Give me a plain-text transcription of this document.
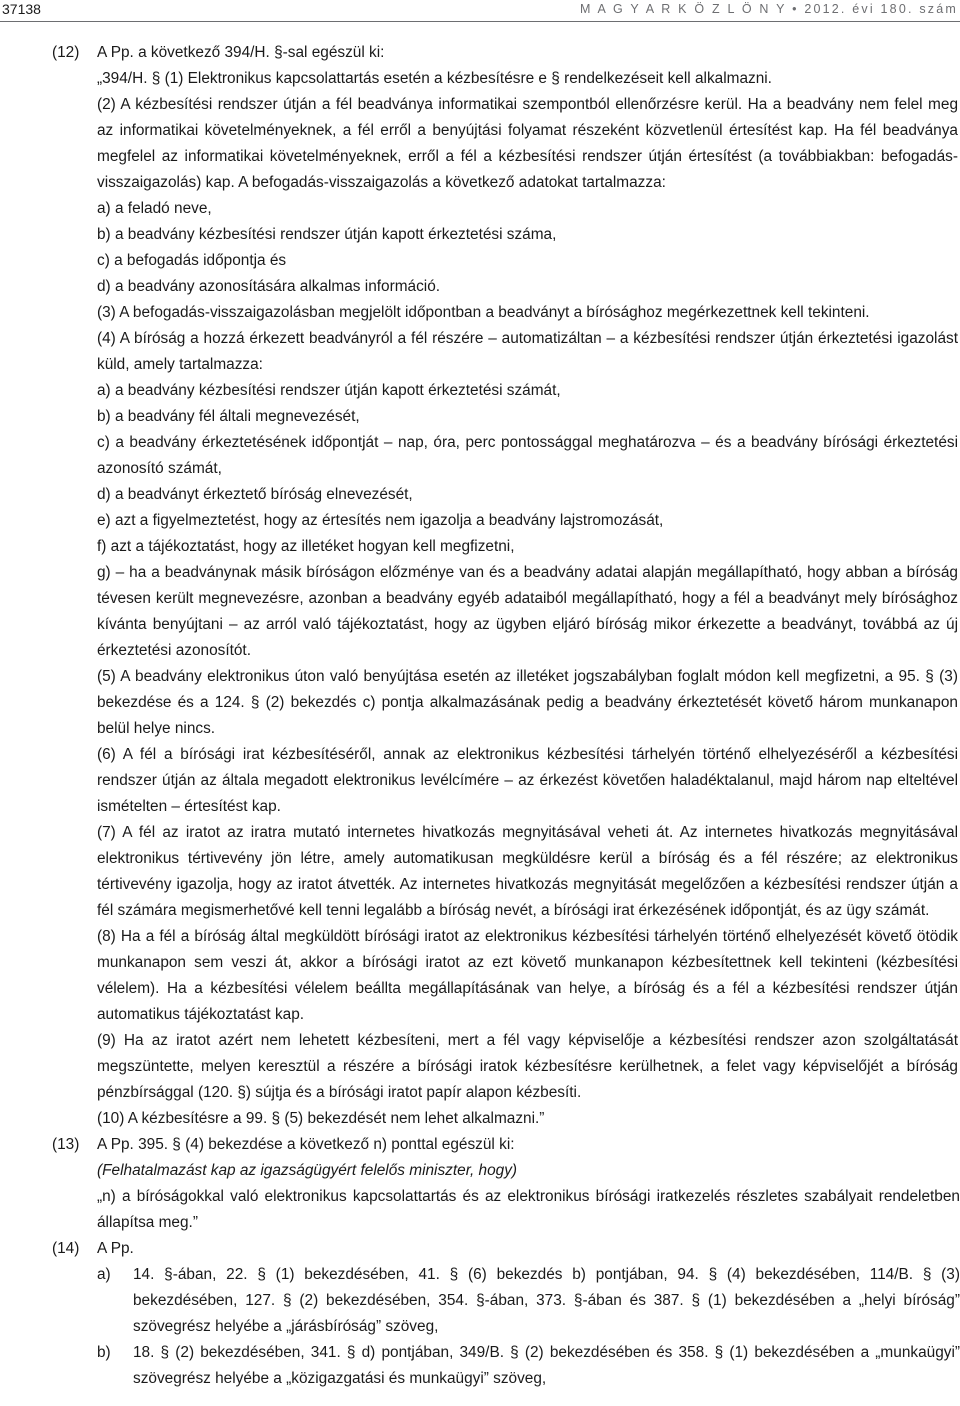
37138	M A G Y A R K Ö Z L Ö N Y • 2012. évi 180. szám
(12) A Pp. a következő 394/H. §-sal egészül ki:

„394/H. § (1) Elektronikus kapcsolattartás esetén a kézbesítésre e § rendelkezéseit kell alkalmazni.

(2) A kézbesítési rendszer útján a fél beadványa informatikai szempontból ellenőrzésre kerül. Ha a beadvány nem felel meg az informatikai követelményeknek, a fél erről a benyújtási folyamat részeként közvetlenül értesítést kap. Ha fél beadványa megfelel az informatikai követelményeknek, erről a fél a kézbesítési rendszer útján értesítést (a továbbiakban: befogadás-visszaigazolás) kap. A befogadás-visszaigazolás a következő adatokat tartalmazza:

a) a feladó neve,

b) a beadvány kézbesítési rendszer útján kapott érkeztetési száma,

c) a befogadás időpontja és

d) a beadvány azonosítására alkalmas információ.

(3) A befogadás-visszaigazolásban megjelölt időpontban a beadványt a bírósághoz megérkezettnek kell tekinteni.

(4) A bíróság a hozzá érkezett beadványról a fél részére – automatizáltan – a kézbesítési rendszer útján érkeztetési igazolást küld, amely tartalmazza:

a) a beadvány kézbesítési rendszer útján kapott érkeztetési számát,

b) a beadvány fél általi megnevezését,

c) a beadvány érkeztetésének időpontját – nap, óra, perc pontossággal meghatározva – és a beadvány bírósági érkeztetési azonosító számát,

d) a beadványt érkeztető bíróság elnevezését,

e) azt a figyelmeztetést, hogy az értesítés nem igazolja a beadvány lajstromozását,

f) azt a tájékoztatást, hogy az illetéket hogyan kell megfizetni,

g) – ha a beadványnak másik bíróságon előzménye van és a beadvány adatai alapján megállapítható, hogy abban a bíróság tévesen került megnevezésre, azonban a beadvány egyéb adataiból megállapítható, hogy a fél a beadványt mely bírósághoz kívánta benyújtani – az arról való tájékoztatást, hogy az ügyben eljáró bíróság mikor érkezette a beadványt, továbbá az új érkeztetési azonosítót.

(5) A beadvány elektronikus úton való benyújtása esetén az illetéket jogszabályban foglalt módon kell megfizetni, a 95. § (3) bekezdése és a 124. § (2) bekezdés c) pontja alkalmazásának pedig a beadvány érkeztetését követő három munkanapon belül helye nincs.

(6) A fél a bírósági irat kézbesítéséről, annak az elektronikus kézbesítési tárhelyén történő elhelyezéséről a kézbesítési rendszer útján az általa megadott elektronikus levélcímére – az érkezést követően haladéktalanul, majd három nap elteltével ismételten – értesítést kap.

(7) A fél az iratot az iratra mutató internetes hivatkozás megnyitásával veheti át. Az internetes hivatkozás megnyitásával elektronikus tértivevény jön létre, amely automatikusan megküldésre kerül a bíróság és a fél részére; az elektronikus tértivevény igazolja, hogy az iratot átvették. Az internetes hivatkozás megnyitását megelőzően a kézbesítési rendszer útján a fél számára megismerhetővé kell tenni legalább a bíróság nevét, a bírósági irat érkezésének időpontját, és az ügy számát.

(8) Ha a fél a bíróság által megküldött bírósági iratot az elektronikus kézbesítési tárhelyén történő elhelyezését követő ötödik munkanapon sem veszi át, akkor a bírósági iratot az ezt követő munkanapon kézbesítettnek kell tekinteni (kézbesítési vélelem). Ha a kézbesítési vélelem beállta megállapításának van helye, a bíróság és a fél a kézbesítési rendszer útján automatikus tájékoztatást kap.

(9) Ha az iratot azért nem lehetett kézbesíteni, mert a fél vagy képviselője a kézbesítési rendszer azon szolgáltatását megszüntette, melyen keresztül a részére a bírósági iratok kézbesítésre kerülhetnek, a felet vagy képviselőjét a bíróság pénzbírsággal (120. §) sújtja és a bírósági iratot papír alapon kézbesíti.

(10) A kézbesítésre a 99. § (5) bekezdését nem lehet alkalmazni.”

(13) A Pp. 395. § (4) bekezdése a következő n) ponttal egészül ki:

(Felhatalmazást kap az igazságügyért felelős miniszter, hogy)

„n) a bíróságokkal való elektronikus kapcsolattartás és az elektronikus bírósági iratkezelés részletes szabályait rendeletben állapítsa meg.”

(14) A Pp.

a) 14. §-ában, 22. § (1) bekezdésében, 41. § (6) bekezdés b) pontjában, 94. § (4) bekezdésében, 114/B. § (3) bekezdésében, 127. § (2) bekezdésében, 354. §-ában, 373. §-ában és 387. § (1) bekezdésében a „helyi bíróság” szövegrész helyébe a „járásbíróság” szöveg,

b) 18. § (2) bekezdésében, 341. § d) pontjában, 349/B. § (2) bekezdésében és 358. § (1) bekezdésében a „munkaügyi” szövegrész helyébe a „közigazgatási és munkaügyi” szöveg,
